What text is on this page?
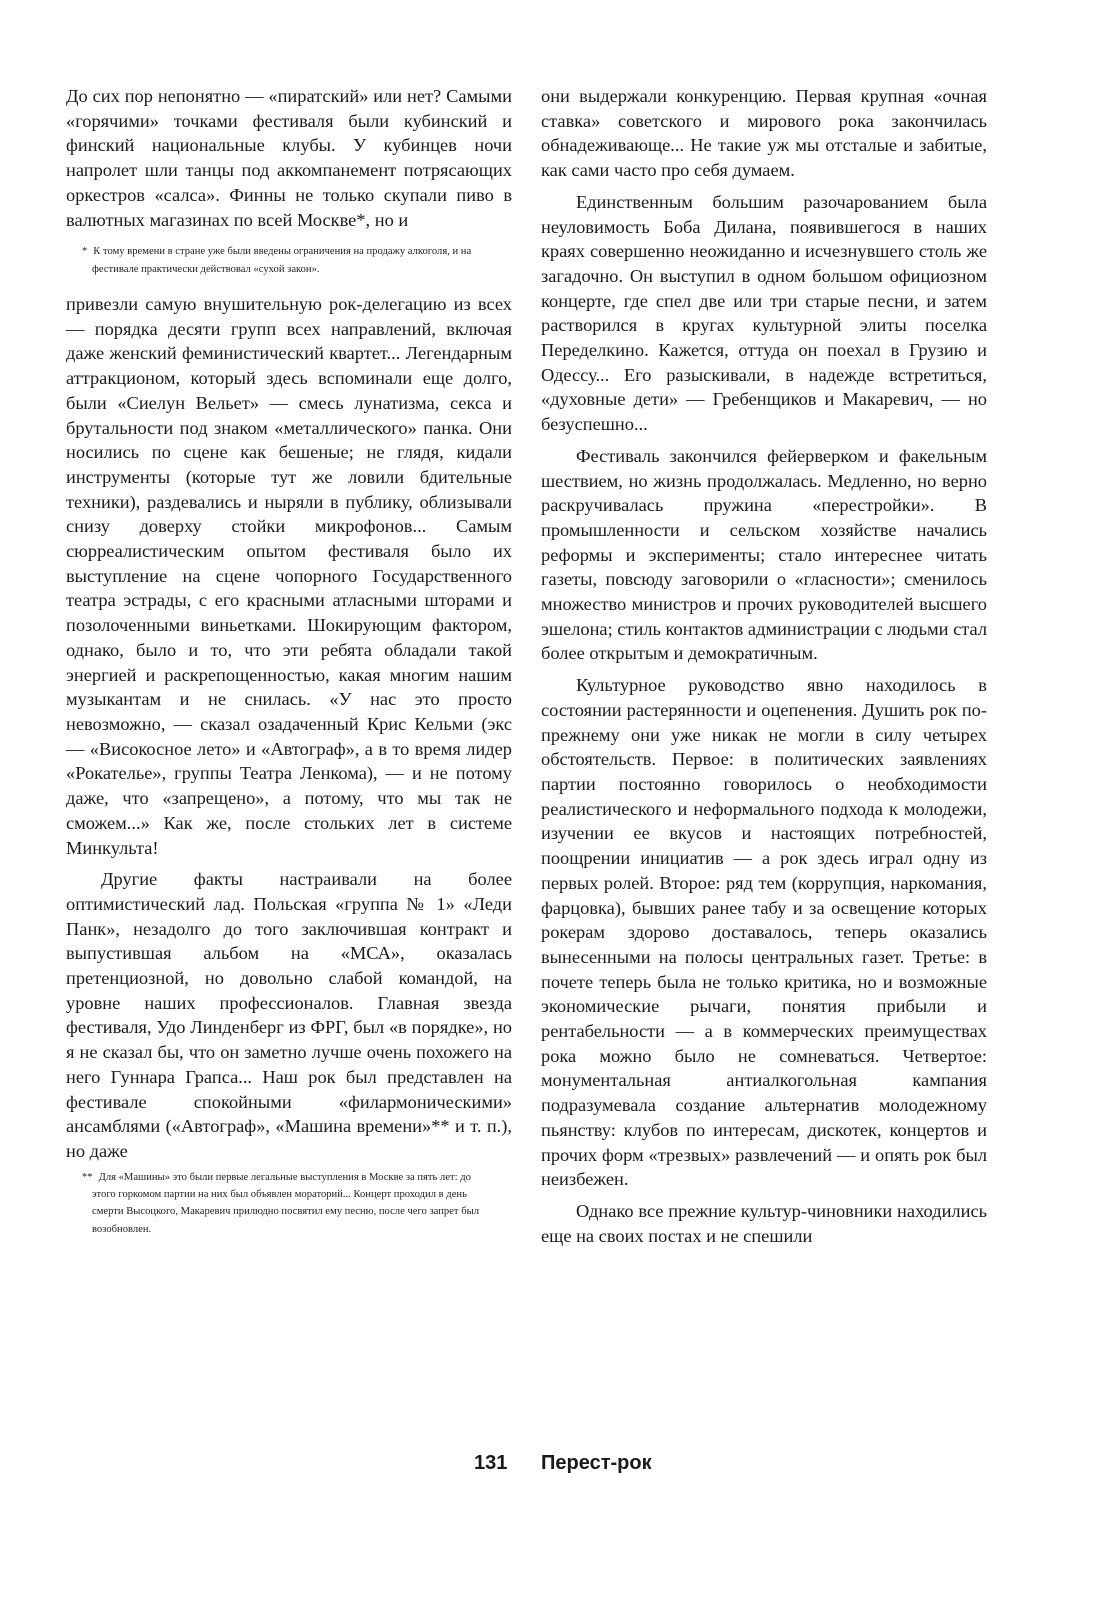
До сих пор непонятно — «пиратский» или нет? Самыми «горячими» точками фестиваля были кубинский и финский национальные клубы. У кубинцев ночи напролет шли танцы под аккомпанемент потрясающих оркестров «салса». Финны не только скупали пиво в валютных магазинах по всей Москве*, но и

* К тому времени в стране уже были введены ограничения на продажу алкоголя, и на фестивале практически действовал «сухой закон».

привезли самую внушительную рок-делегацию из всех — порядка десяти групп всех направлений, включая даже женский феминистический квартет... Легендарным аттракционом, который здесь вспоминали еще долго, были «Сиелун Вельет» — смесь лунатизма, секса и брутальности под знаком «металлического» панка. Они носились по сцене как бешеные; не глядя, кидали инструменты (которые тут же ловили бдительные техники), раздевались и ныряли в публику, облизывали снизу доверху стойки микрофонов... Самым сюрреалистическим опытом фестиваля было их выступление на сцене чопорного Государственного театра эстрады, с его красными атласными шторами и позолоченными виньетками. Шокирующим фактором, однако, было и то, что эти ребята обладали такой энергией и раскрепощенностью, какая многим нашим музыкантам и не снилась. «У нас это просто невозможно, — сказал озадаченный Крис Кельми (экс — «Високосное лето» и «Автограф», а в то время лидер «Рокателье», группы Театра Ленкома), — и не потому даже, что «запрещено», а потому, что мы так не сможем...» Как же, после стольких лет в системе Минкульта!

Другие факты настраивали на более оптимистический лад. Польская «группа № 1» «Леди Панк», незадолго до того заключившая контракт и выпустившая альбом на «МСА», оказалась претенциозной, но довольно слабой командой, на уровне наших профессионалов. Главная звезда фестиваля, Удо Линденберг из ФРГ, был «в порядке», но я не сказал бы, что он заметно лучше очень похожего на него Гуннара Грапса... Наш рок был представлен на фестивале спокойными «филармоническими» ансамблями («Автограф», «Машина времени»** и т. п.), но даже

** Для «Машины» это были первые легальные выступления в Москве за пять лет: до этого горкомом партии на них был объявлен мораторий... Концерт проходил в день смерти Высоцкого, Макаревич прилюдно посвятил ему песню, после чего запрет был возобновлен.

они выдержали конкуренцию. Первая крупная «очная ставка» советского и мирового рока закончилась обнадеживающе... Не такие уж мы отсталые и забитые, как сами часто про себя думаем.

Единственным большим разочарованием была неуловимость Боба Дилана, появившегося в наших краях совершенно неожиданно и исчезнувшего столь же загадочно. Он выступил в одном большом официозном концерте, где спел две или три старые песни, и затем растворился в кругах культурной элиты поселка Переделкино. Кажется, оттуда он поехал в Грузию и Одессу... Его разыскивали, в надежде встретиться, «духовные дети» — Гребенщиков и Макаревич, — но безуспешно...

Фестиваль закончился фейерверком и факельным шествием, но жизнь продолжалась. Медленно, но верно раскручивалась пружина «перестройки». В промышленности и сельском хозяйстве начались реформы и эксперименты; стало интереснее читать газеты, повсюду заговорили о «гласности»; сменилось множество министров и прочих руководителей высшего эшелона; стиль контактов администрации с людьми стал более открытым и демократичным.

Культурное руководство явно находилось в состоянии растерянности и оцепенения. Душить рок по-прежнему они уже никак не могли в силу четырех обстоятельств. Первое: в политических заявлениях партии постоянно говорилось о необходимости реалистического и неформального подхода к молодежи, изучении ее вкусов и настоящих потребностей, поощрении инициатив — а рок здесь играл одну из первых ролей. Второе: ряд тем (коррупция, наркомания, фарцовка), бывших ранее табу и за освещение которых рокерам здорово доставалось, теперь оказались вынесенными на полосы центральных газет. Третье: в почете теперь была не только критика, но и возможные экономические рычаги, понятия прибыли и рентабельности — а в коммерческих преимуществах рока можно было не сомневаться. Четвертое: монументальная антиалкогольная кампания подразумевала создание альтернатив молодежному пьянству: клубов по интересам, дискотек, концертов и прочих форм «трезвых» развлечений — и опять рок был неизбежен.

Однако все прежние культур-чиновники находились еще на своих постах и не спешили

131 Перест-рок
